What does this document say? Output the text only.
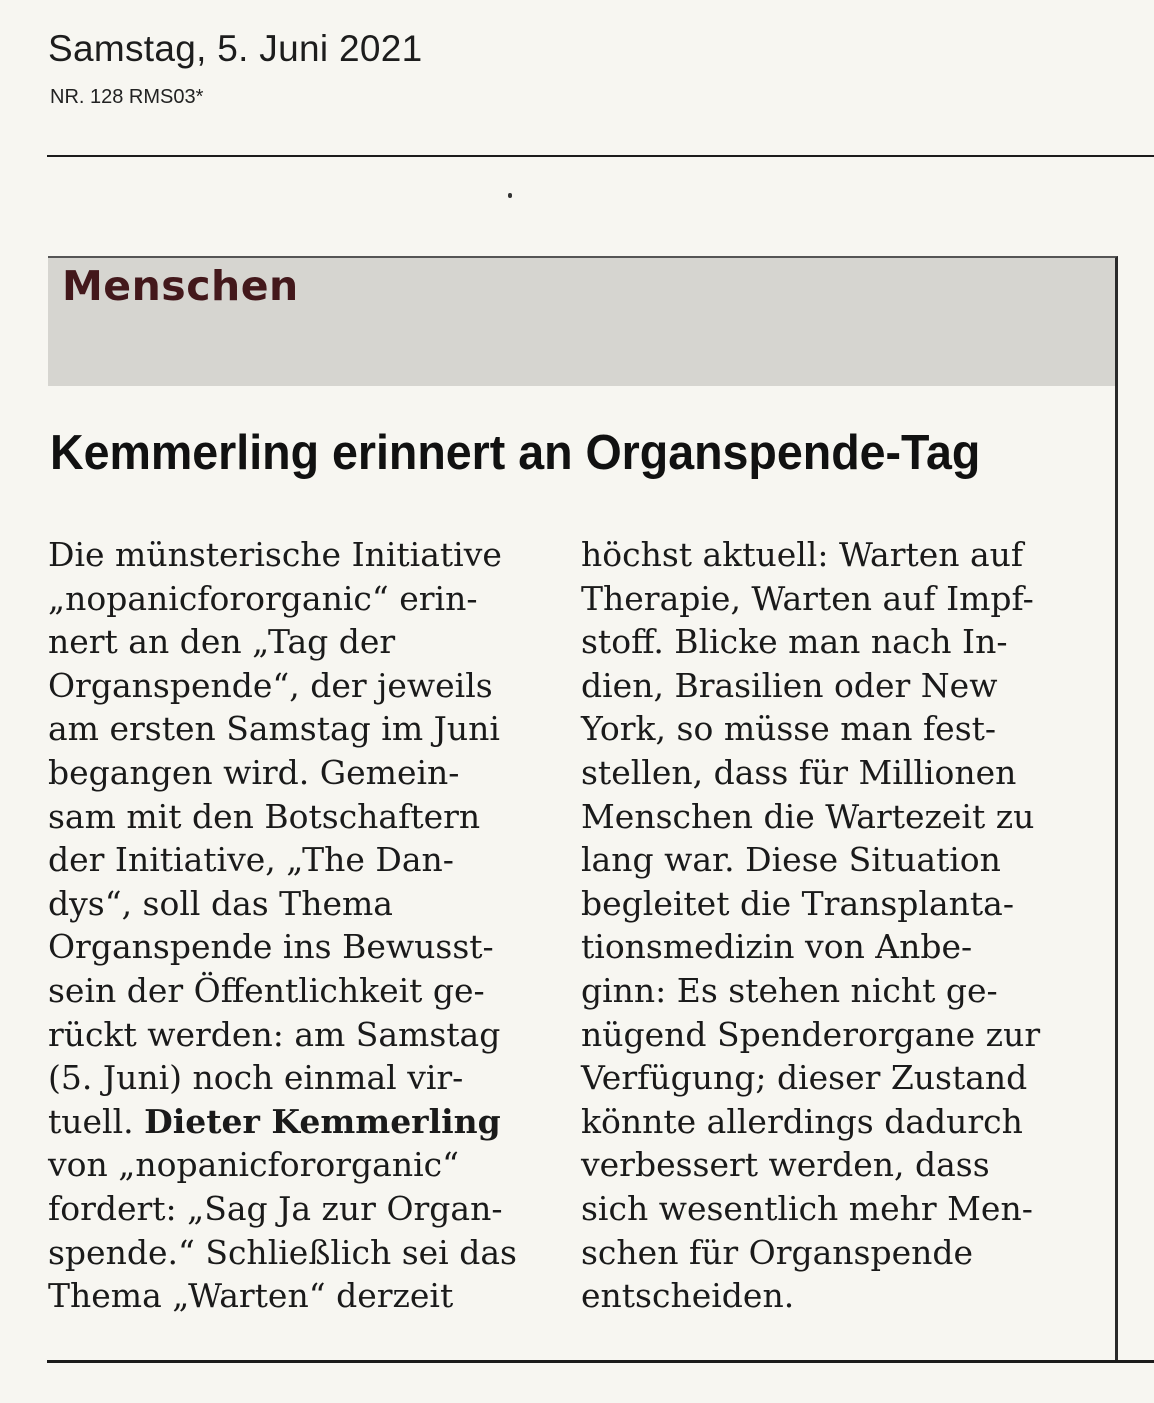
Samstag, 5. Juni 2021
NR. 128 RMS03*
Menschen
Kemmerling erinnert an Organspende-Tag
Die münsterische Initiative
„nopanicfororganic“ erin-
nert an den „Tag der
Organspende“, der jeweils
am ersten Samstag im Juni
begangen wird. Gemein-
sam mit den Botschaftern
der Initiative, „The Dan-
dys“, soll das Thema
Organspende ins Bewusst-
sein der Öffentlichkeit ge-
rückt werden: am Samstag
(5. Juni) noch einmal vir-
tuell. Dieter Kemmerling
von „nopanicfororganic“
fordert: „Sag Ja zur Organ-
spende.“ Schließlich sei das
Thema „Warten“ derzeit
höchst aktuell: Warten auf
Therapie, Warten auf Impf-
stoff. Blicke man nach In-
dien, Brasilien oder New
York, so müsse man fest-
stellen, dass für Millionen
Menschen die Wartezeit zu
lang war. Diese Situation
begleitet die Transplanta-
tionsmedizin von Anbe-
ginn: Es stehen nicht ge-
nügend Spenderorgane zur
Verfügung; dieser Zustand
könnte allerdings dadurch
verbessert werden, dass
sich wesentlich mehr Men-
schen für Organspende
entscheiden.
